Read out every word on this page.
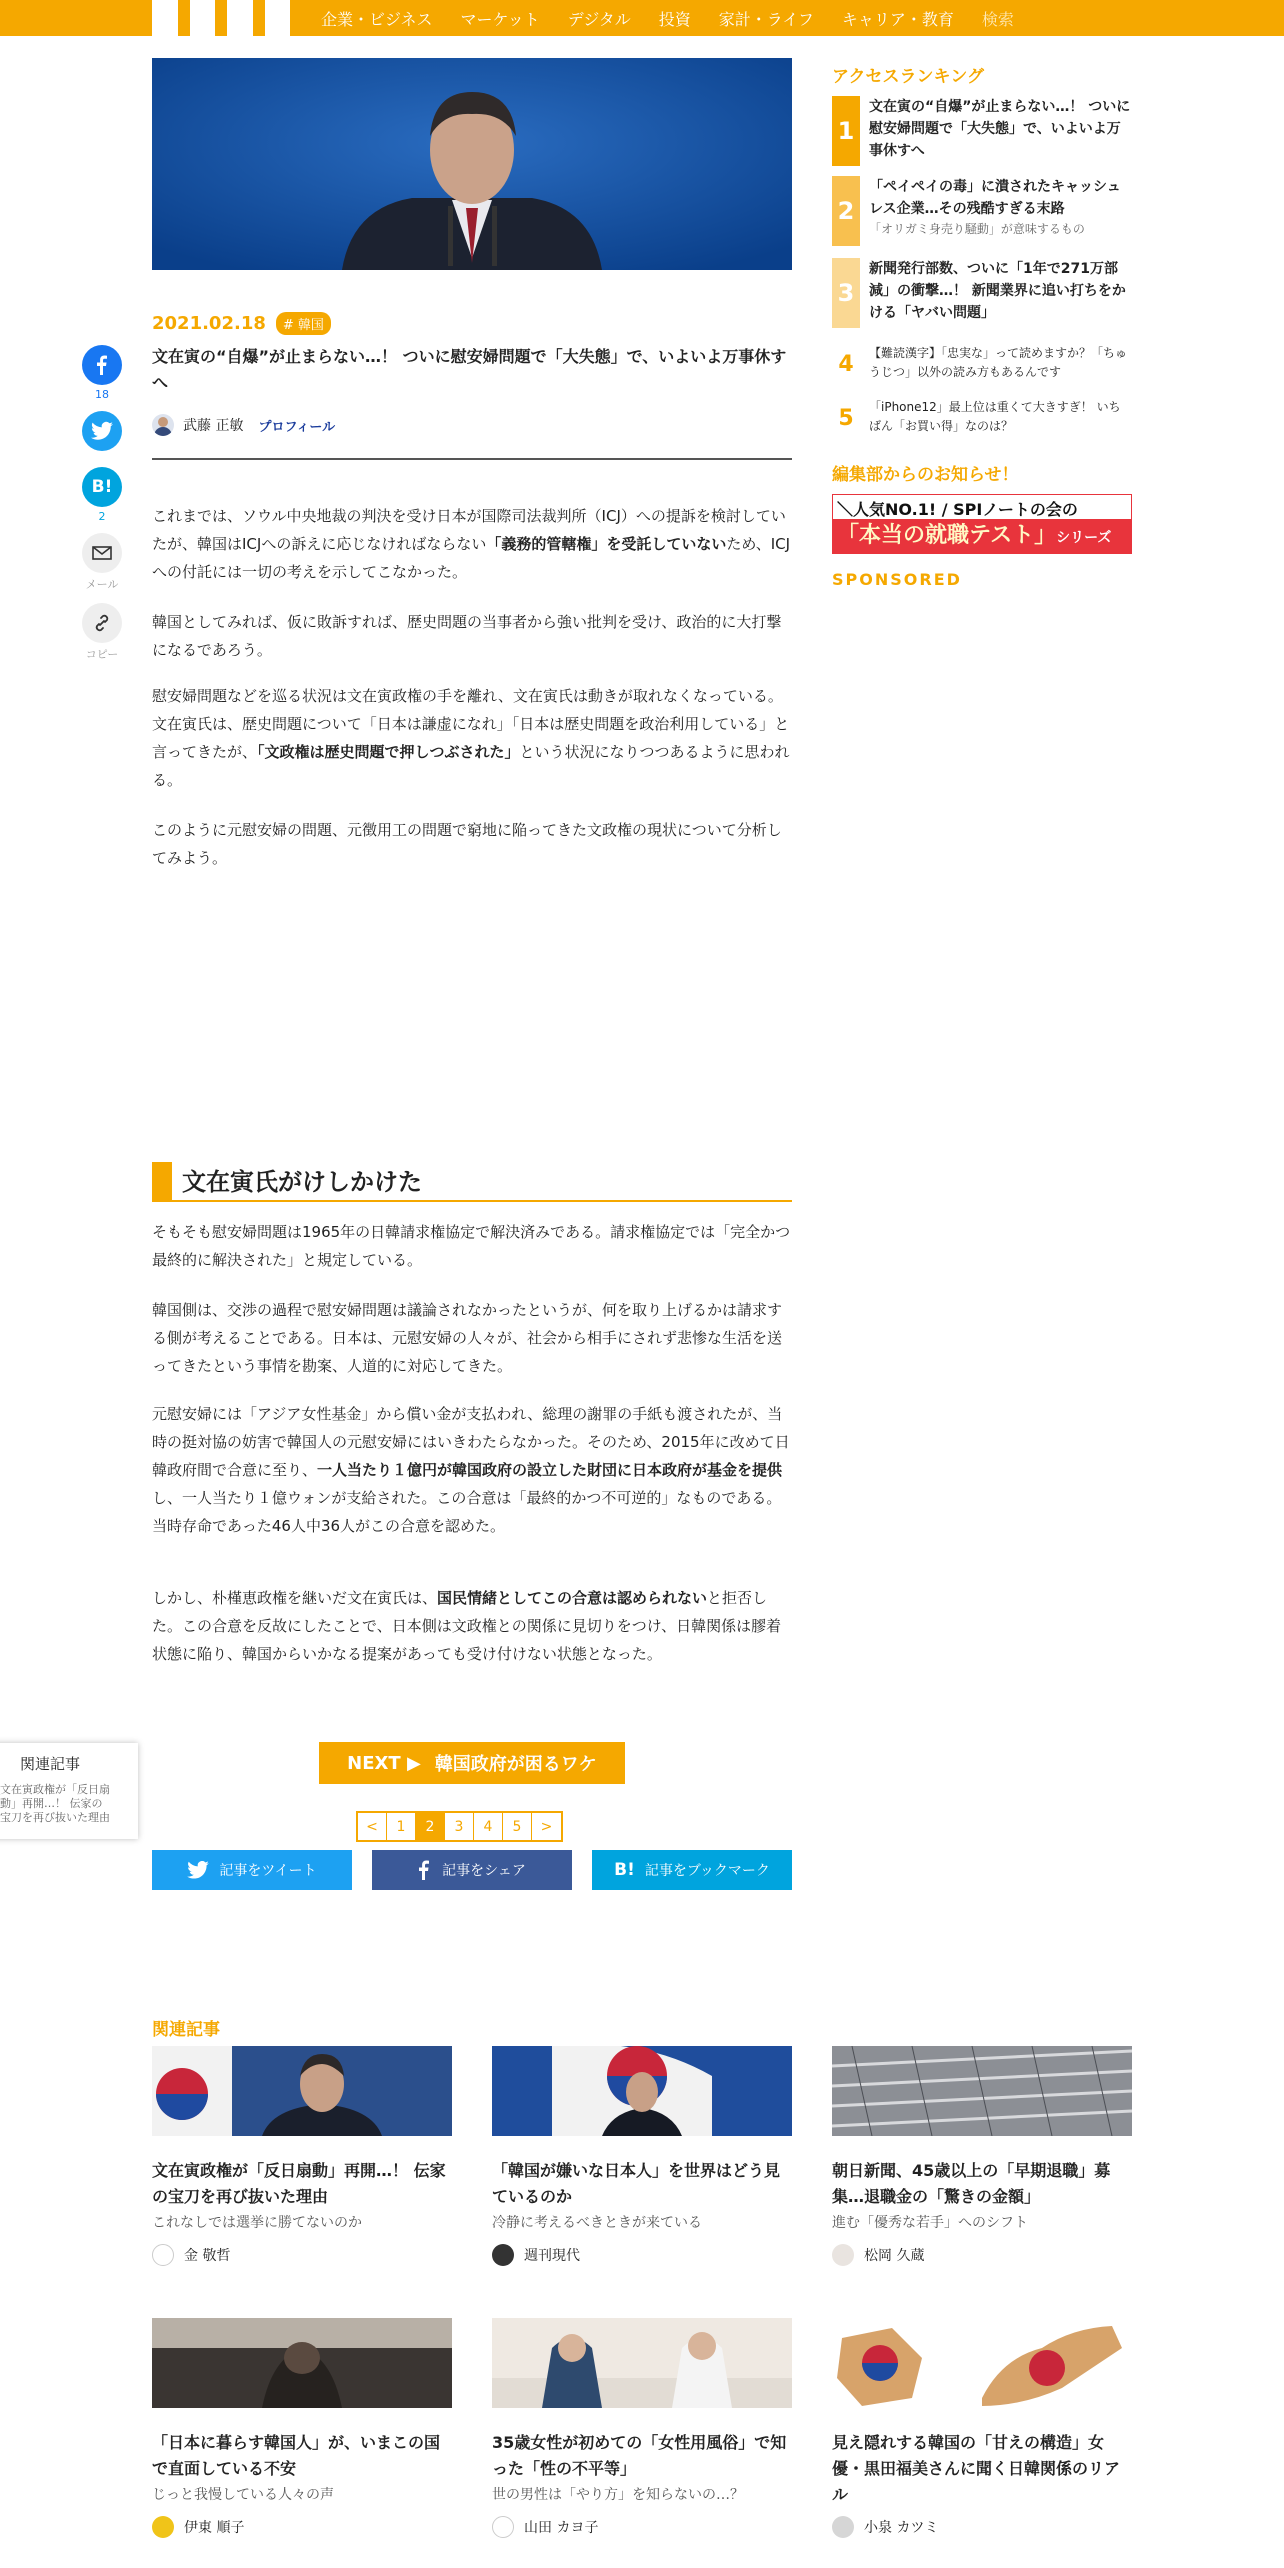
企業・ビジネス マーケット デジタル 投資 家計・ライフ キャリア・教育 検索
18
B!
2
メール
コピー
2021.02.18	# 韓国
文在寅の“自爆”が止まらない…！ ついに慰安婦問題で「大失態」で、いよいよ万事休すへ
武藤 正敏 プロフィール

これまでは、ソウル中央地裁の判決を受け日本が国際司法裁判所（ICJ）への提訴を検討していたが、韓国はICJへの訴えに応じなければならない「義務的管轄権」を受託していないため、ICJへの付託には一切の考えを示してこなかった。

韓国としてみれば、仮に敗訴すれば、歴史問題の当事者から強い批判を受け、政治的に大打撃になるであろう。

慰安婦問題などを巡る状況は文在寅政権の手を離れ、文在寅氏は動きが取れなくなっている。文在寅氏は、歴史問題について「日本は謙虚になれ」「日本は歴史問題を政治利用している」と言ってきたが、「文政権は歴史問題で押しつぶされた」という状況になりつつあるように思われる。

このように元慰安婦の問題、元徴用工の問題で窮地に陥ってきた文政権の現状について分析してみよう。

文在寅氏がけしかけた

そもそも慰安婦問題は1965年の日韓請求権協定で解決済みである。請求権協定では「完全かつ最終的に解決された」と規定している。

韓国側は、交渉の過程で慰安婦問題は議論されなかったというが、何を取り上げるかは請求する側が考えることである。日本は、元慰安婦の人々が、社会から相手にされず悲惨な生活を送ってきたという事情を勘案、人道的に対応してきた。

元慰安婦には「アジア女性基金」から償い金が支払われ、総理の謝罪の手紙も渡されたが、当時の挺対協の妨害で韓国人の元慰安婦にはいきわたらなかった。そのため、2015年に改めて日韓政府間で合意に至り、一人当たり１億円が韓国政府の設立した財団に日本政府が基金を提供し、一人当たり１億ウォンが支給された。この合意は「最終的かつ不可逆的」なものである。当時存命であった46人中36人がこの合意を認めた。

しかし、朴槿恵政権を継いだ文在寅氏は、国民情緒としてこの合意は認められないと拒否した。この合意を反故にしたことで、日本側は文政権との関係に見切りをつけ、日韓関係は膠着状態に陥り、韓国からいかなる提案があっても受け付けない状態となった。

関連記事
文在寅政権が「反日扇動」再開…！ 伝家の宝刀を再び抜いた理由
NEXT ▶ 韓国政府が困るワケ
<	1	2	3	4	5	>
記事をツイート	記事をシェア	B! 記事をブックマーク
アクセスランキング
1
文在寅の“自爆”が止まらない…！ ついに慰安婦問題で「大失態」で、いよいよ万事休すへ
2
「ペイペイの毒」に潰されたキャッシュレス企業…その残酷すぎる末路
「オリガミ身売り騒動」が意味するもの
3
新聞発行部数、ついに「1年で271万部減」の衝撃…！ 新聞業界に追い打ちをかける「ヤバい問題」
4	【難読漢字】「忠実な」って読めますか？「ちゅうじつ」以外の読み方もあるんです
5	「iPhone12」最上位は重くて大きすぎ！ いちばん「お買い得」なのは？
編集部からのお知らせ！
＼人気NO.1! / SPIノートの会の
「本当の就職テスト」シリーズ
SPONSORED
関連記事
文在寅政権が「反日扇動」再開…！ 伝家の宝刀を再び抜いた理由
これなしでは選挙に勝てないのか
金 敬哲
「韓国が嫌いな日本人」を世界はどう見ているのか
冷静に考えるべきときが来ている
週刊現代
朝日新聞、45歳以上の「早期退職」募集…退職金の「驚きの金額」
進む「優秀な若手」へのシフト
松岡 久蔵
「日本に暮らす韓国人」が、いまこの国で直面している不安
じっと我慢している人々の声
伊東 順子
35歳女性が初めての「女性用風俗」で知った「性の不平等」
世の男性は「やり方」を知らないの…？
山田 カヨ子
見え隠れする韓国の「甘えの構造」女優・黒田福美さんに聞く日韓関係のリアル
小泉 カツミ
